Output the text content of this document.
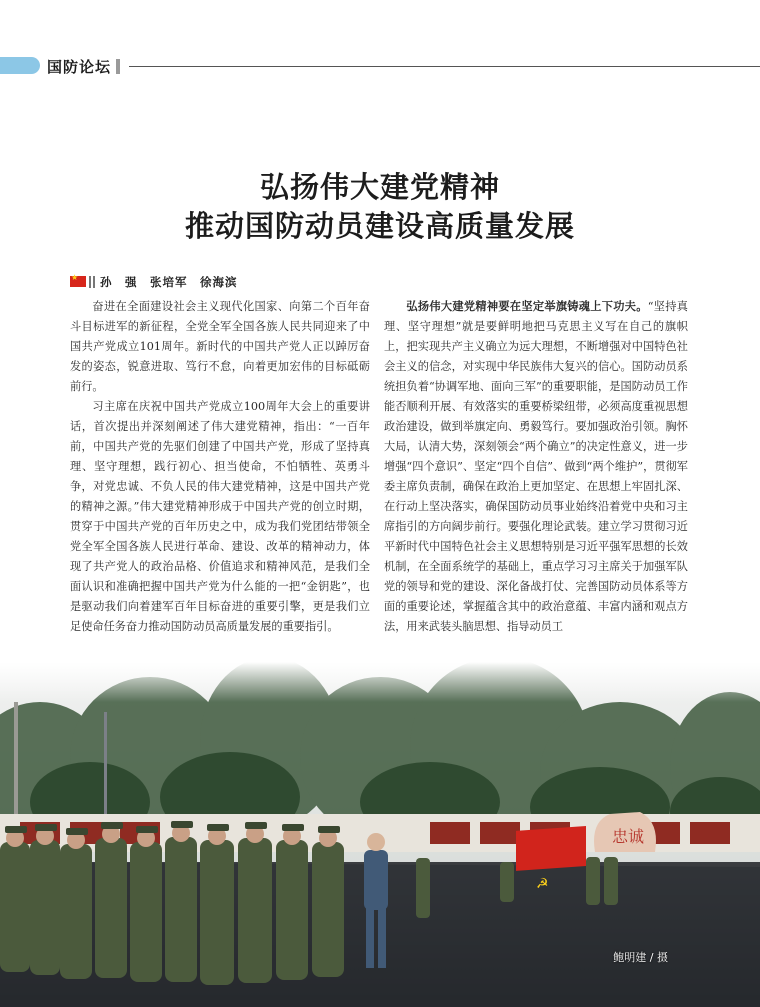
国防论坛
弘扬伟大建党精神
推动国防动员建设高质量发展
★
孙　强　张培军　徐海滨

奋进在全面建设社会主义现代化国家、向第二个百年奋斗目标进军的新征程，全党全军全国各族人民共同迎来了中国共产党成立101周年。新时代的中国共产党人正以踔厉奋发的姿态，锐意进取、笃行不怠，向着更加宏伟的目标砥砺前行。

习主席在庆祝中国共产党成立100周年大会上的重要讲话，首次提出并深刻阐述了伟大建党精神，指出：“一百年前，中国共产党的先驱们创建了中国共产党，形成了坚持真理、坚守理想，践行初心、担当使命，不怕牺牲、英勇斗争，对党忠诚、不负人民的伟大建党精神，这是中国共产党的精神之源。”伟大建党精神形成于中国共产党的创立时期，贯穿于中国共产党的百年历史之中，成为我们党团结带领全党全军全国各族人民进行革命、建设、改革的精神动力，体现了共产党人的政治品格、价值追求和精神风范，是我们全面认识和准确把握中国共产党为什么能的一把“金钥匙”，也是驱动我们向着建军百年目标奋进的重要引擎，更是我们立足使命任务奋力推动国防动员高质量发展的重要指引。

弘扬伟大建党精神要在坚定举旗铸魂上下功夫。“坚持真理、坚守理想”就是要鲜明地把马克思主义写在自己的旗帜上，把实现共产主义确立为远大理想，不断增强对中国特色社会主义的信念，对实现中华民族伟大复兴的信心。国防动员系统担负着“协调军地、面向三军”的重要职能，是国防动员工作能否顺利开展、有效落实的重要桥梁纽带，必须高度重视思想政治建设，做到举旗定向、勇毅笃行。要加强政治引领。胸怀大局，认清大势，深刻领会“两个确立”的决定性意义，进一步增强“四个意识”、坚定“四个自信”、做到“两个维护”，贯彻军委主席负责制，确保在政治上更加坚定、在思想上牢固扎深、在行动上坚决落实，确保国防动员事业始终沿着党中央和习主席指引的方向阔步前行。要强化理论武装。建立学习贯彻习近平新时代中国特色社会主义思想特别是习近平强军思想的长效机制，在全面系统学的基础上，重点学习习主席关于加强军队党的领导和党的建设、深化备战打仗、完善国防动员体系等方面的重要论述，掌握蕴含其中的政治意蕴、丰富内涵和观点方法，用来武装头脑思想、指导动员工

忠诚
☭
鲍明建 / 摄
